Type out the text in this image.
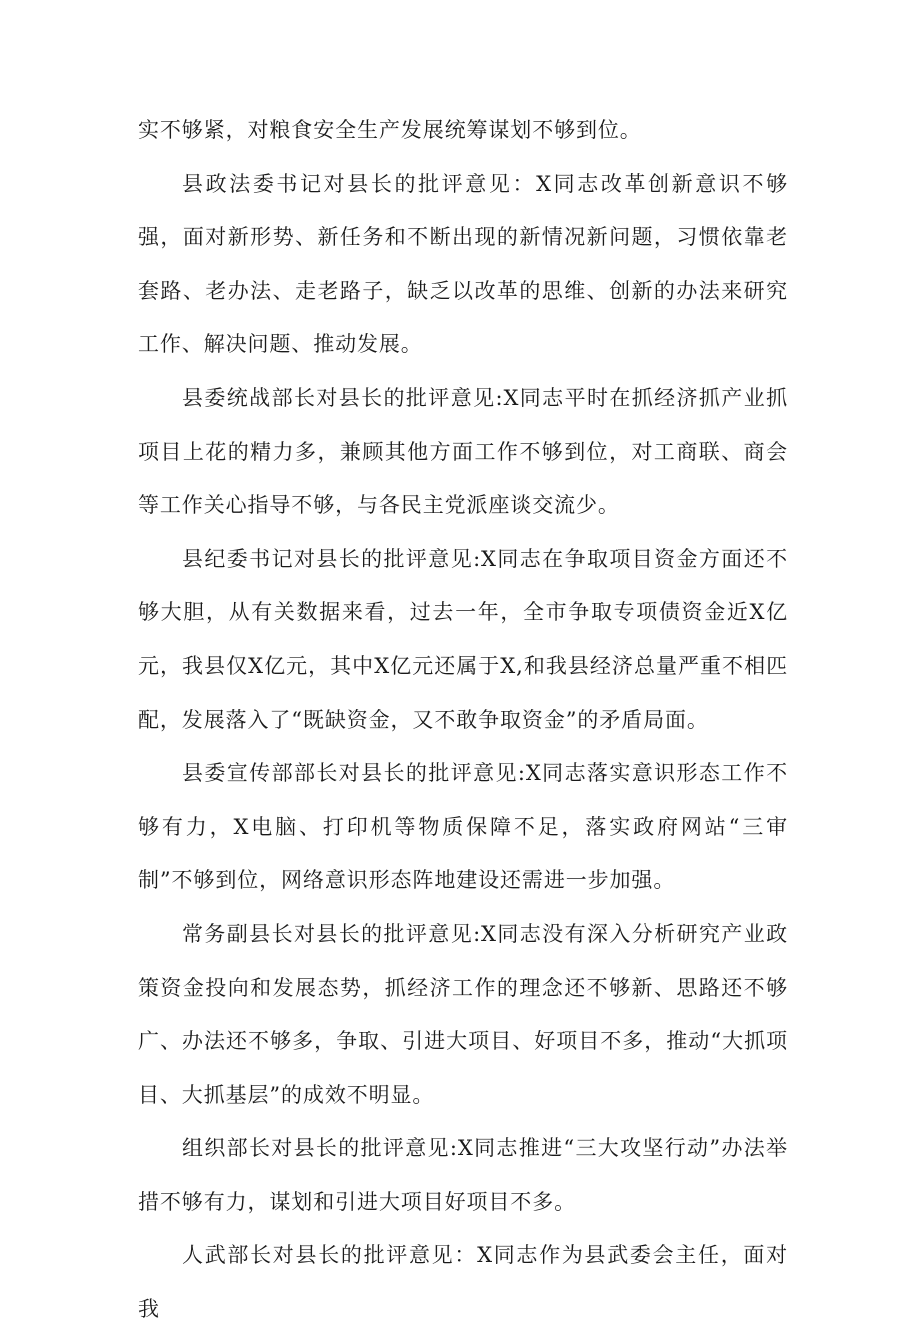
实不够紧，对粮食安全生产发展统筹谋划不够到位。

县政法委书记对县长的批评意见：X同志改革创新意识不够强，面对新形势、新任务和不断出现的新情况新问题，习惯依靠老套路、老办法、走老路子，缺乏以改革的思维、创新的办法来研究工作、解决问题、推动发展。

县委统战部长对县长的批评意见:X同志平时在抓经济抓产业抓项目上花的精力多，兼顾其他方面工作不够到位，对工商联、商会等工作关心指导不够，与各民主党派座谈交流少。

县纪委书记对县长的批评意见:X同志在争取项目资金方面还不够大胆，从有关数据来看，过去一年，全市争取专项债资金近X亿元，我县仅X亿元，其中X亿元还属于X,和我县经济总量严重不相匹配，发展落入了“既缺资金，又不敢争取资金”的矛盾局面。

县委宣传部部长对县长的批评意见:X同志落实意识形态工作不够有力，X电脑、打印机等物质保障不足，落实政府网站“三审制”不够到位，网络意识形态阵地建设还需进一步加强。

常务副县长对县长的批评意见:X同志没有深入分析研究产业政策资金投向和发展态势，抓经济工作的理念还不够新、思路还不够广、办法还不够多，争取、引进大项目、好项目不多，推动“大抓项目、大抓基层”的成效不明显。

组织部长对县长的批评意见:X同志推进“三大攻坚行动”办法举措不够有力，谋划和引进大项目好项目不多。

人武部长对县长的批评意见：X同志作为县武委会主任，面对我
